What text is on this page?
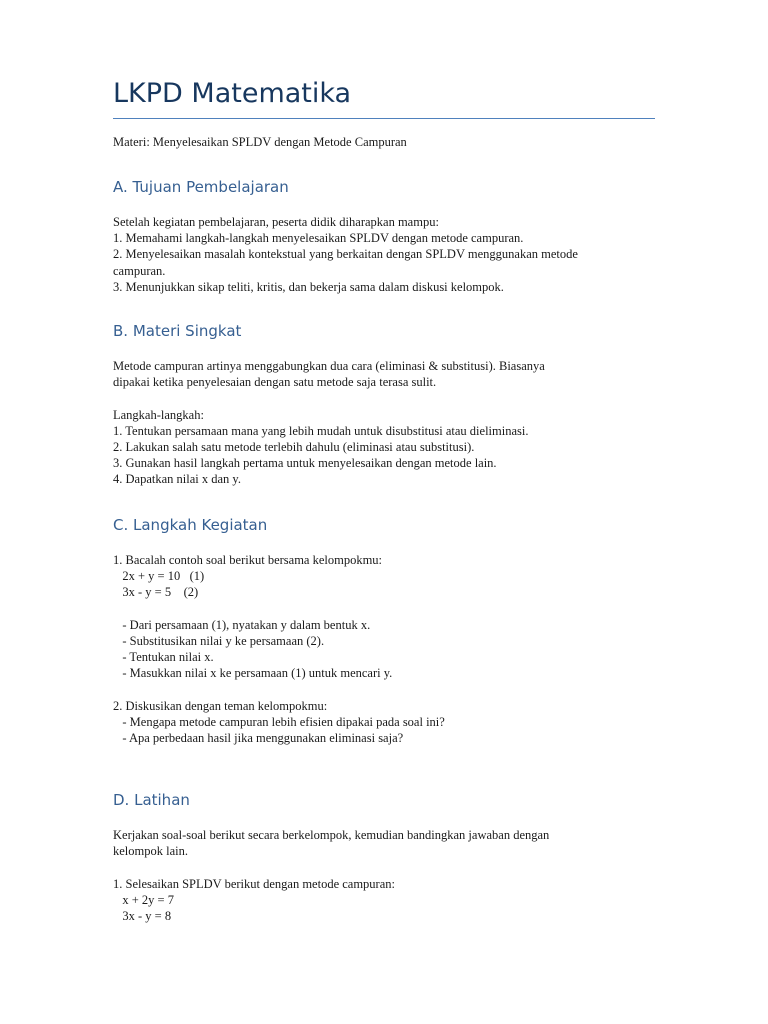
LKPD Matematika
Materi: Menyelesaikan SPLDV dengan Metode Campuran
A. Tujuan Pembelajaran
Setelah kegiatan pembelajaran, peserta didik diharapkan mampu:
1. Memahami langkah-langkah menyelesaikan SPLDV dengan metode campuran.
2. Menyelesaikan masalah kontekstual yang berkaitan dengan SPLDV menggunakan metode
campuran.
3. Menunjukkan sikap teliti, kritis, dan bekerja sama dalam diskusi kelompok.
B. Materi Singkat
Metode campuran artinya menggabungkan dua cara (eliminasi & substitusi). Biasanya
dipakai ketika penyelesaian dengan satu metode saja terasa sulit.
Langkah-langkah:
1. Tentukan persamaan mana yang lebih mudah untuk disubstitusi atau dieliminasi.
2. Lakukan salah satu metode terlebih dahulu (eliminasi atau substitusi).
3. Gunakan hasil langkah pertama untuk menyelesaikan dengan metode lain.
4. Dapatkan nilai x dan y.
C. Langkah Kegiatan
1. Bacalah contoh soal berikut bersama kelompokmu:
2x + y = 10   (1)
3x - y = 5    (2)
- Dari persamaan (1), nyatakan y dalam bentuk x.
- Substitusikan nilai y ke persamaan (2).
- Tentukan nilai x.
- Masukkan nilai x ke persamaan (1) untuk mencari y.
2. Diskusikan dengan teman kelompokmu:
- Mengapa metode campuran lebih efisien dipakai pada soal ini?
- Apa perbedaan hasil jika menggunakan eliminasi saja?
D. Latihan
Kerjakan soal-soal berikut secara berkelompok, kemudian bandingkan jawaban dengan
kelompok lain.
1. Selesaikan SPLDV berikut dengan metode campuran:
x + 2y = 7
3x - y = 8
